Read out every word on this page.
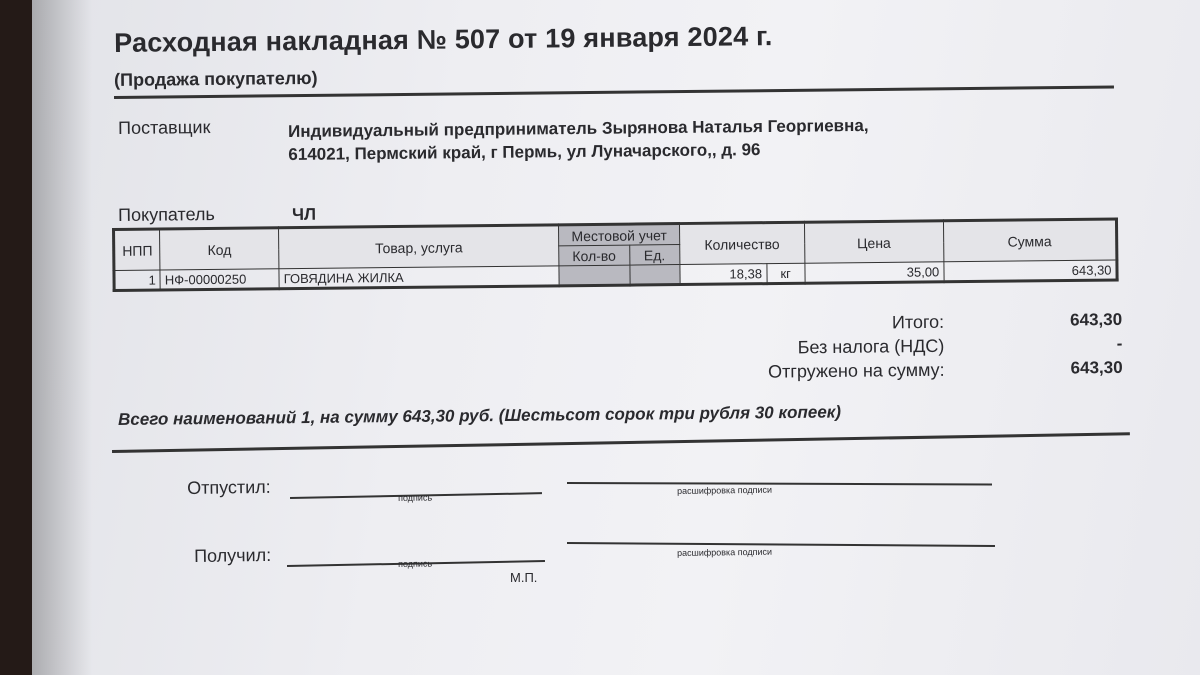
Расходная накладная № 507 от 19 января 2024 г.
(Продажа покупателю)
Поставщик	Индивидуальный предприниматель Зырянова Наталья Георгиевна, 614021, Пермский край, г Пермь, ул Луначарского,, д. 96
Покупатель	ЧЛ
НПП	Код	Товар, услуга	Местовой учет		Количество		Цена	Сумма
			Кол-во	Ед.				
1	НФ-00000250	ГОВЯДИНА ЖИЛКА			18,38	кг	35,00	643,30
Итого:	643,30
Без налога (НДС)	-
Отгружено на сумму:	643,30
Всего наименований 1, на сумму 643,30 руб. (Шестьсот сорок три рубля 30 копеек)
Отпустил:	подпись
расшифровка подписи
Получил:	подпись
расшифровка подписи
М.П.
